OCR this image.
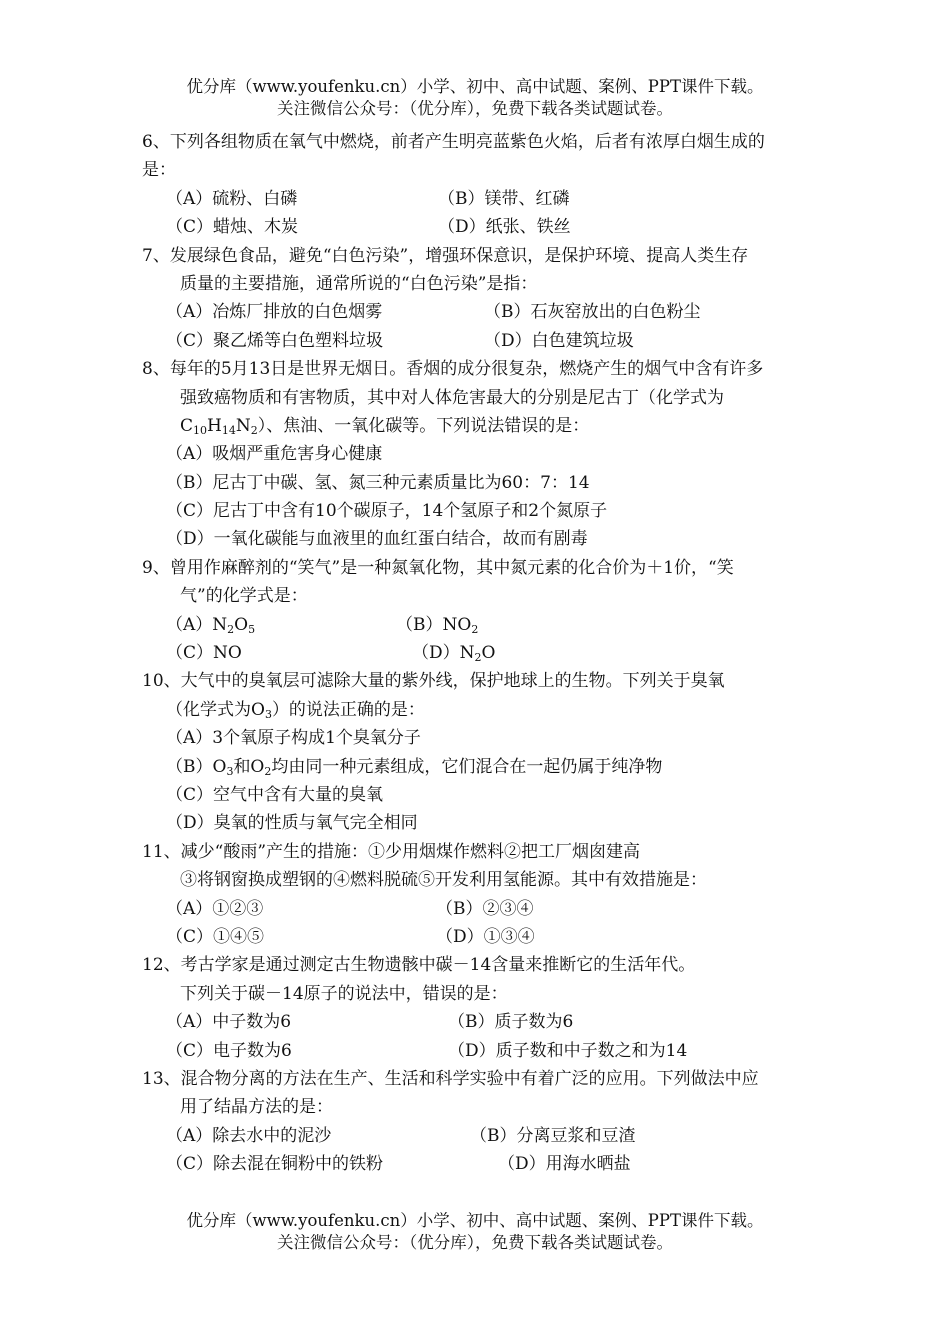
优分库（www.youfenku.cn）小学、初中、高中试题、案例、PPT课件下载。
关注微信公众号：（优分库），免费下载各类试题试卷。
6、下列各组物质在氧气中燃烧，前者产生明亮蓝紫色火焰，后者有浓厚白烟生成的
是：
（A）硫粉、白磷	（B）镁带、红磷
（C）蜡烛、木炭	（D）纸张、铁丝
7、发展绿色食品，避免“白色污染”，增强环保意识，是保护环境、提高人类生存
质量的主要措施，通常所说的“白色污染”是指：
（A）冶炼厂排放的白色烟雾	（B）石灰窑放出的白色粉尘
（C）聚乙烯等白色塑料垃圾	（D）白色建筑垃圾
8、每年的5月13日是世界无烟日。香烟的成分很复杂，燃烧产生的烟气中含有许多
强致癌物质和有害物质，其中对人体危害最大的分别是尼古丁（化学式为
$C_{10}H_{14}N_2$）、焦油、一氧化碳等。下列说法错误的是：
（A）吸烟严重危害身心健康
（B）尼古丁中碳、氢、氮三种元素质量比为60：7：14
（C）尼古丁中含有10个碳原子，14个氢原子和2个氮原子
（D）一氧化碳能与血液里的血红蛋白结合，故而有剧毒
9、曾用作麻醉剂的“笑气”是一种氮氧化物，其中氮元素的化合价为＋1价，“笑
气”的化学式是：
$(A)N_2O_5$	$(B)NO_2$
（C）NO	$(D)N_2O$
10、大气中的臭氧层可滤除大量的紫外线，保护地球上的生物。下列关于臭氧
（化学式为$O_3$）的说法正确的是：
（A）3个氧原子构成1个臭氧分子
$(B)O_3$和$O_2$均由同一种元素组成，它们混合在一起仍属于纯净物
（C）空气中含有大量的臭氧
（D）臭氧的性质与氧气完全相同
11、减少“酸雨”产生的措施：①少用烟煤作燃料②把工厂烟囱建高
③将钢窗换成塑钢的④燃料脱硫⑤开发利用氢能源。其中有效措施是：
（A）①②③	（B）②③④
（C）①④⑤	（D）①③④
12、考古学家是通过测定古生物遗骸中碳－14含量来推断它的生活年代。
下列关于碳－14原子的说法中，错误的是：
（A）中子数为6	（B）质子数为6
（C）电子数为6	（D）质子数和中子数之和为14
13、混合物分离的方法在生产、生活和科学实验中有着广泛的应用。下列做法中应
用了结晶方法的是：
（A）除去水中的泥沙	（B）分离豆浆和豆渣
（C）除去混在铜粉中的铁粉	（D）用海水晒盐
优分库（www.youfenku.cn）小学、初中、高中试题、案例、PPT课件下载。
关注微信公众号：（优分库），免费下载各类试题试卷。
